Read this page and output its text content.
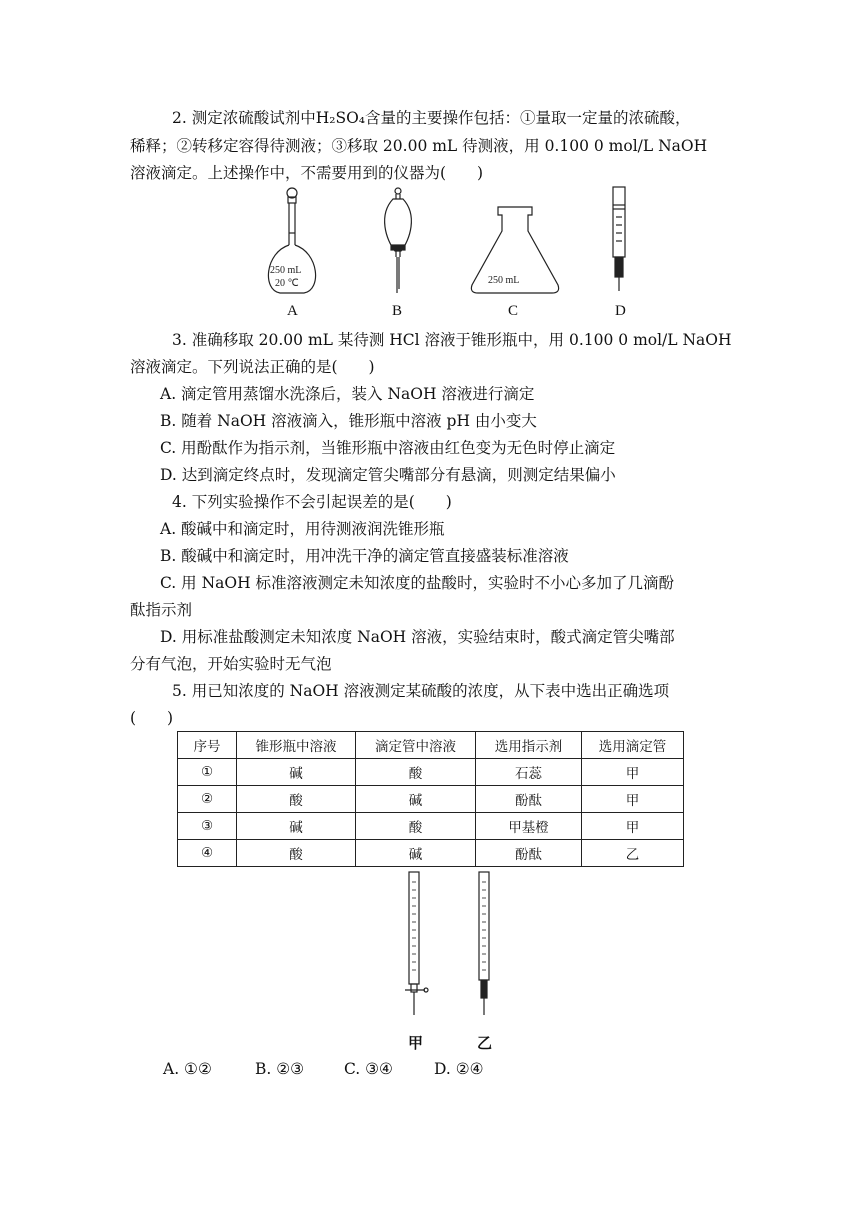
2. 测定浓硫酸试剂中H₂SO₄含量的主要操作包括：①量取一定量的浓硫酸，
稀释；②转移定容得待测液；③移取 20.00 mL 待测液，用 0.100 0 mol/L NaOH
溶液滴定。上述操作中，不需要用到的仪器为(　　)
250 mL
20 ℃	250 mL
A	B	C	D
3. 准确移取 20.00 mL 某待测 HCl 溶液于锥形瓶中，用 0.100 0 mol/L NaOH
溶液滴定。下列说法正确的是(　　)
A. 滴定管用蒸馏水洗涤后，装入 NaOH 溶液进行滴定
B. 随着 NaOH 溶液滴入，锥形瓶中溶液 pH 由小变大
C. 用酚酞作为指示剂，当锥形瓶中溶液由红色变为无色时停止滴定
D. 达到滴定终点时，发现滴定管尖嘴部分有悬滴，则测定结果偏小
4. 下列实验操作不会引起误差的是(　　)
A. 酸碱中和滴定时，用待测液润洗锥形瓶
B. 酸碱中和滴定时，用冲洗干净的滴定管直接盛装标准溶液
C. 用 NaOH 标准溶液测定未知浓度的盐酸时，实验时不小心多加了几滴酚
酞指示剂
D. 用标准盐酸测定未知浓度 NaOH 溶液，实验结束时，酸式滴定管尖嘴部
分有气泡，开始实验时无气泡
5. 用已知浓度的 NaOH 溶液测定某硫酸的浓度，从下表中选出正确选项
(　　)
序号	锥形瓶中溶液	滴定管中溶液	选用指示剂	选用滴定管
①	碱	酸	石蕊	甲
②	酸	碱	酚酞	甲
③	碱	酸	甲基橙	甲
④	酸	碱	酚酞	乙
甲	乙
A. ①②	B. ②③	C. ③④	D. ②④
